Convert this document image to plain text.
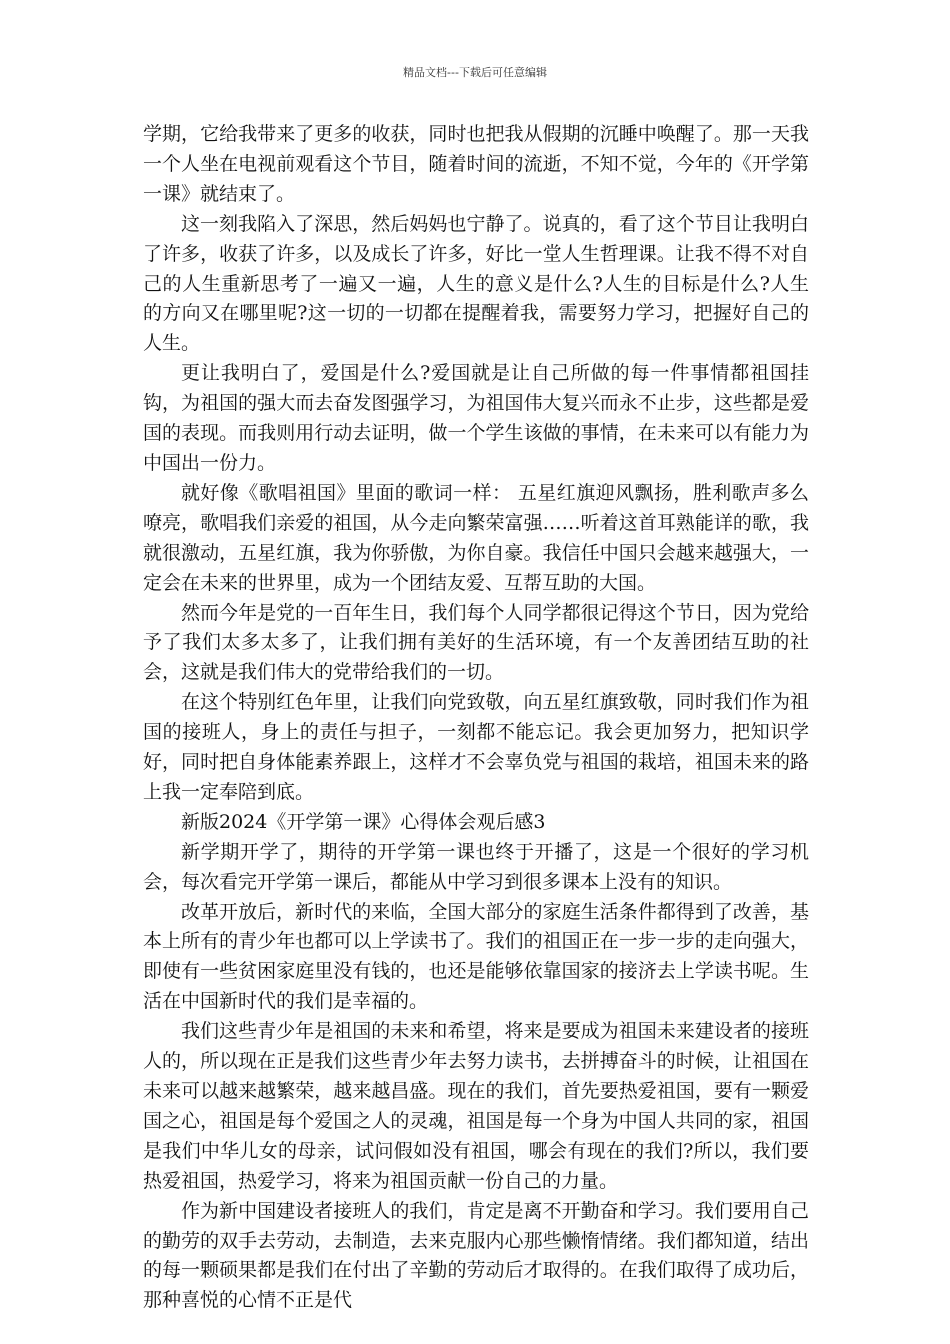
精品文档---下载后可任意编辑

学期，它给我带来了更多的收获，同时也把我从假期的沉睡中唤醒了。那一天我一个人坐在电视前观看这个节目，随着时间的流逝，不知不觉，今年的《开学第一课》就结束了。

这一刻我陷入了深思，然后妈妈也宁静了。说真的，看了这个节目让我明白了许多，收获了许多，以及成长了许多，好比一堂人生哲理课。让我不得不对自己的人生重新思考了一遍又一遍，人生的意义是什么?人生的目标是什么?人生的方向又在哪里呢?这一切的一切都在提醒着我，需要努力学习，把握好自己的人生。

更让我明白了，爱国是什么?爱国就是让自己所做的每一件事情都祖国挂钩，为祖国的强大而去奋发图强学习，为祖国伟大复兴而永不止步，这些都是爱国的表现。而我则用行动去证明，做一个学生该做的事情，在未来可以有能力为中国出一份力。

就好像《歌唱祖国》里面的歌词一样： 五星红旗迎风飘扬，胜利歌声多么嘹亮，歌唱我们亲爱的祖国，从今走向繁荣富强……听着这首耳熟能详的歌，我就很激动，五星红旗，我为你骄傲，为你自豪。我信任中国只会越来越强大，一定会在未来的世界里，成为一个团结友爱、互帮互助的大国。

然而今年是党的一百年生日，我们每个人同学都很记得这个节日，因为党给予了我们太多太多了，让我们拥有美好的生活环境，有一个友善团结互助的社会，这就是我们伟大的党带给我们的一切。

在这个特别红色年里，让我们向党致敬，向五星红旗致敬，同时我们作为祖国的接班人，身上的责任与担子，一刻都不能忘记。我会更加努力，把知识学好，同时把自身体能素养跟上，这样才不会辜负党与祖国的栽培，祖国未来的路上我一定奉陪到底。

新版2024《开学第一课》心得体会观后感3

新学期开学了，期待的开学第一课也终于开播了，这是一个很好的学习机会，每次看完开学第一课后，都能从中学习到很多课本上没有的知识。

改革开放后，新时代的来临，全国大部分的家庭生活条件都得到了改善，基本上所有的青少年也都可以上学读书了。我们的祖国正在一步一步的走向强大，即使有一些贫困家庭里没有钱的，也还是能够依靠国家的接济去上学读书呢。生活在中国新时代的我们是幸福的。

我们这些青少年是祖国的未来和希望，将来是要成为祖国未来建设者的接班人的，所以现在正是我们这些青少年去努力读书，去拼搏奋斗的时候，让祖国在未来可以越来越繁荣，越来越昌盛。现在的我们，首先要热爱祖国，要有一颗爱国之心，祖国是每个爱国之人的灵魂，祖国是每一个身为中国人共同的家，祖国是我们中华儿女的母亲，试问假如没有祖国，哪会有现在的我们?所以，我们要热爱祖国，热爱学习，将来为祖国贡献一份自己的力量。

作为新中国建设者接班人的我们，肯定是离不开勤奋和学习。我们要用自己的勤劳的双手去劳动，去制造，去来克服内心那些懒惰情绪。我们都知道，结出的每一颗硕果都是我们在付出了辛勤的劳动后才取得的。在我们取得了成功后，那种喜悦的心情不正是代
